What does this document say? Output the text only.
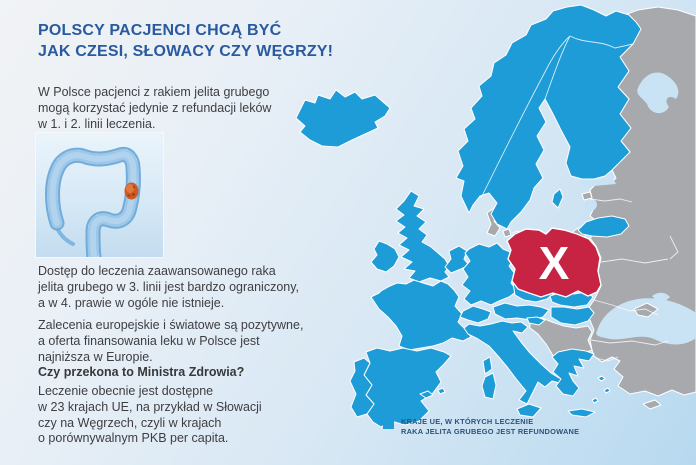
X
POLSCY PACJENCI CHCĄ BYĆ
JAK CZESI, SŁOWACY CZY WĘGRZY!
W Polsce pacjenci z rakiem jelita grubego
mogą korzystać jedynie z refundacji leków
w 1. i 2. linii leczenia.
Dostęp do leczenia zaawansowanego raka
jelita grubego w 3. linii jest bardzo ograniczony,
a w 4. prawie w ogóle nie istnieje.
Zalecenia europejskie i światowe są pozytywne,
a oferta finansowania leku w Polsce jest
najniższa w Europie.
Czy przekona to Ministra Zdrowia?
Leczenie obecnie jest dostępne
w 23 krajach UE, na przykład w Słowacji
czy na Węgrzech, czyli w krajach
o porównywalnym PKB per capita.
KRAJE UE, W KTÓRYCH LECZENIE
RAKA JELITA GRUBEGO JEST REFUNDOWANE
